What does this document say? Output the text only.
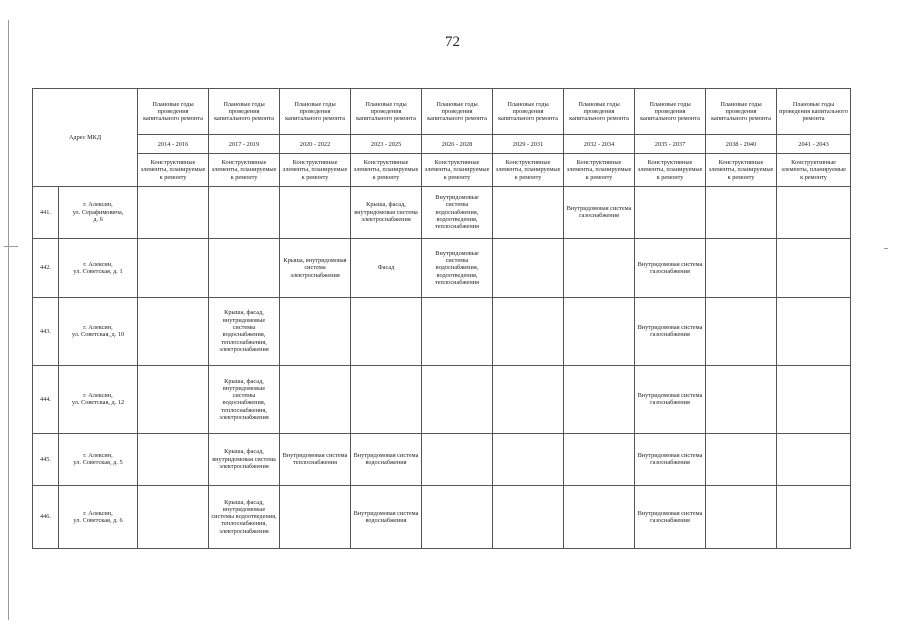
72
Адрес МКД		Плановые годы проведения капитального ремонта	Плановые годы проведения капитального ремонта	Плановые годы проведения капитального ремонта	Плановые годы проведения капитального ремонта	Плановые годы проведения капитального ремонта	Плановые годы проведения капитального ремонта	Плановые годы проведения капитального ремонта	Плановые годы проведения капитального ремонта	Плановые годы проведения капитального ремонта	Плановые годы проведения капитального ремонта
		2014 - 2016	2017 - 2019	2020 - 2022	2023 - 2025	2026 - 2028	2029 - 2031	2032 - 2034	2035 - 2037	2038 - 2040	2041 - 2043
		Конструктивные элементы, планируемые к ремонту	Конструктивные элементы, планируемые к ремонту	Конструктивные элементы, планируемые к ремонту	Конструктивные элементы, планируемые к ремонту	Конструктивные элементы, планируемые к ремонту	Конструктивные элементы, планируемые к ремонту	Конструктивные элементы, планируемые к ремонту	Конструктивные элементы, планируемые к ремонту	Конструктивные элементы, планируемые к ремонту	Конструктивные элементы, планируемые к ремонту
441.	г. Алексин,
ул. Серафимовича,
д. 6				Крыша, фасад, внутридомовая система электроснабжения	Внутридомовые системы водоснабжения, водоотведения, теплоснабжения		Внутридомовая система газоснабжения			
442.	г. Алексин,
ул. Советская, д. 1			Крыша, внутридомовая система электроснабжения	Фасад	Внутридомовые системы водоснабжения, водоотведения, теплоснабжения			Внутридомовая система газоснабжения		
443.	г. Алексин,
ул. Советская, д. 10		Крыша, фасад, внутридомовые системы водоснабжения, теплоснабжения, электроснабжения						Внутридомовая система газоснабжения		
444.	г. Алексин,
ул. Советская, д. 12		Крыша, фасад, внутридомовые системы водоснабжения, теплоснабжения, электроснабжения						Внутридомовая система газоснабжения		
445.	г. Алексин,
ул. Советская, д. 5		Крыша, фасад, внутридомовая система электроснабжения	Внутридомовая система теплоснабжения	Внутридомовая система водоснабжения				Внутридомовая система газоснабжения		
446.	г. Алексин,
ул. Советская, д. 6		Крыша, фасад, внутридомовые системы водоотведения, теплоснабжения, электроснабжения		Внутридомовая система водоснабжения				Внутридомовая система газоснабжения		
